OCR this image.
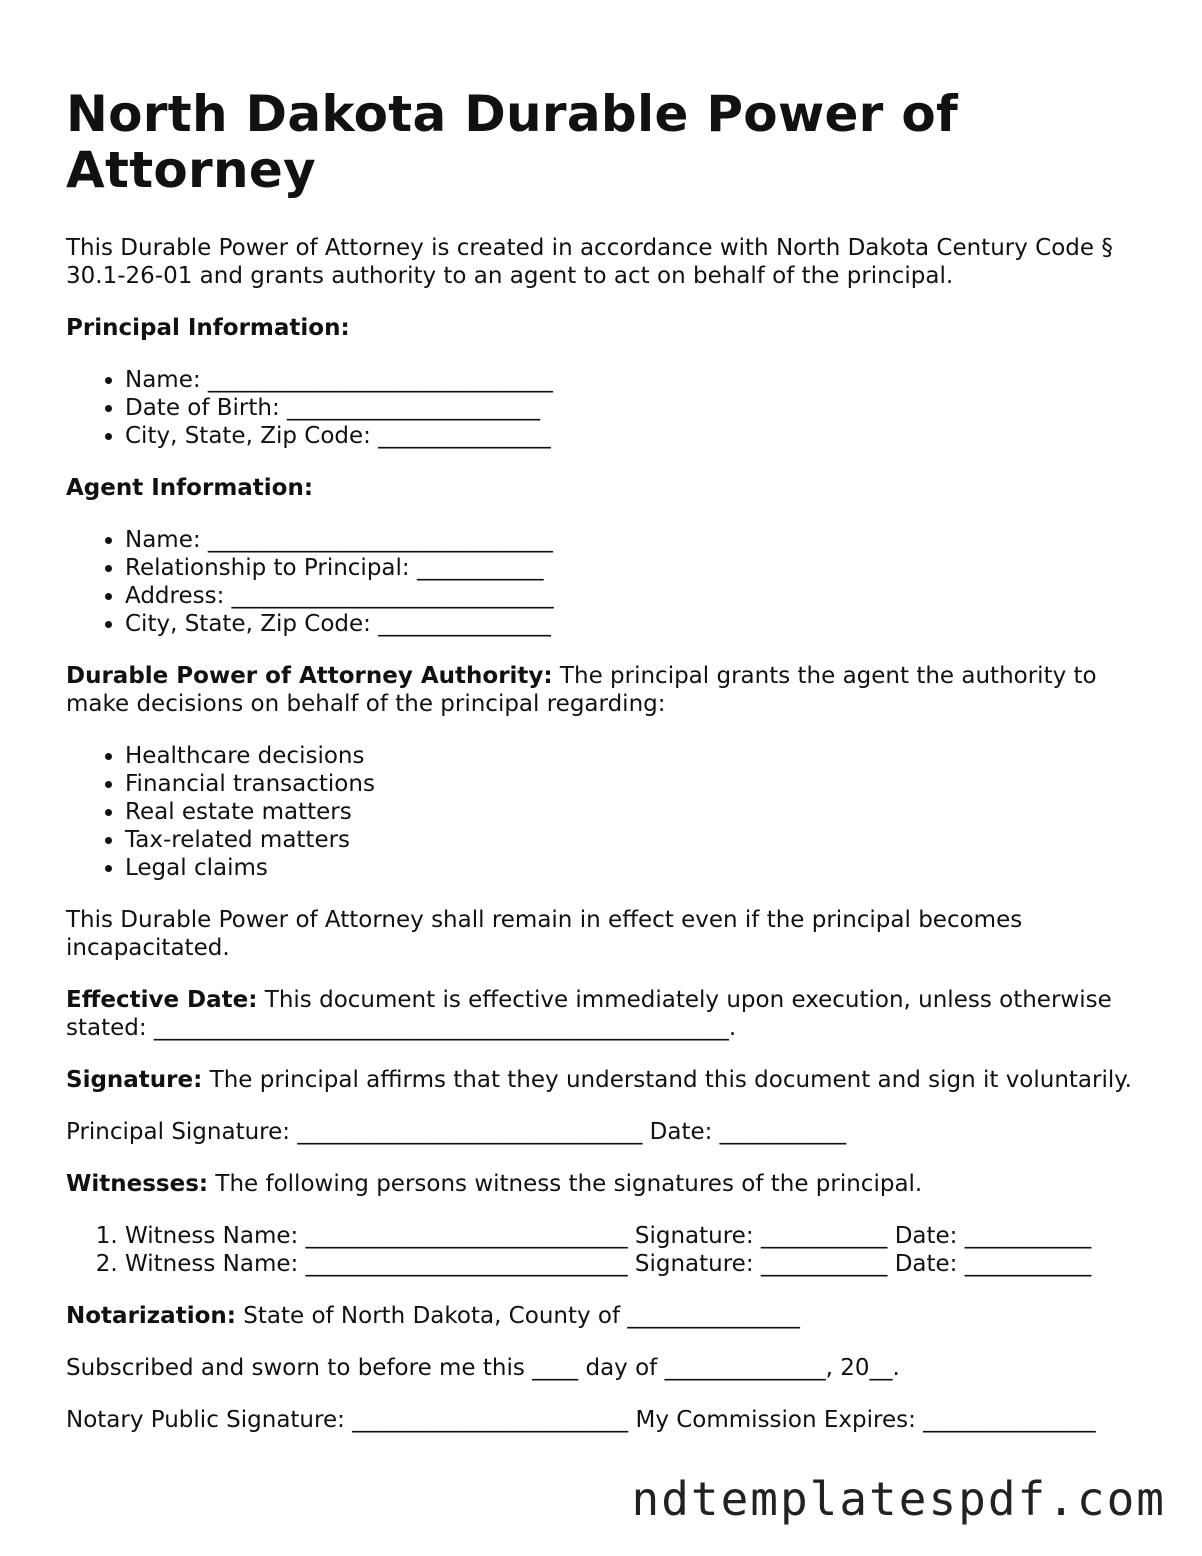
North Dakota Durable Power of Attorney

This Durable Power of Attorney is created in accordance with North Dakota Century Code § 30.1-26-01 and grants authority to an agent to act on behalf of the principal.

Principal Information:

• Name: ______________________________
• Date of Birth: ______________________
• City, State, Zip Code: _______________

Agent Information:

• Name: ______________________________
• Relationship to Principal: ___________
• Address: ____________________________
• City, State, Zip Code: _______________

Durable Power of Attorney Authority: The principal grants the agent the authority to make decisions on behalf of the principal regarding:

• Healthcare decisions
• Financial transactions
• Real estate matters
• Tax-related matters
• Legal claims

This Durable Power of Attorney shall remain in effect even if the principal becomes incapacitated.

Effective Date: This document is effective immediately upon execution, unless otherwise stated: __________________________________________________.

Signature: The principal affirms that they understand this document and sign it voluntarily.

Principal Signature: ______________________________ Date: ___________

Witnesses: The following persons witness the signatures of the principal.

1. Witness Name: ____________________________ Signature: ___________ Date: ___________
2. Witness Name: ____________________________ Signature: ___________ Date: ___________

Notarization: State of North Dakota, County of _______________

Subscribed and sworn to before me this ____ day of ______________, 20__.

Notary Public Signature: ________________________ My Commission Expires: _______________

ndtemplatespdf.com
